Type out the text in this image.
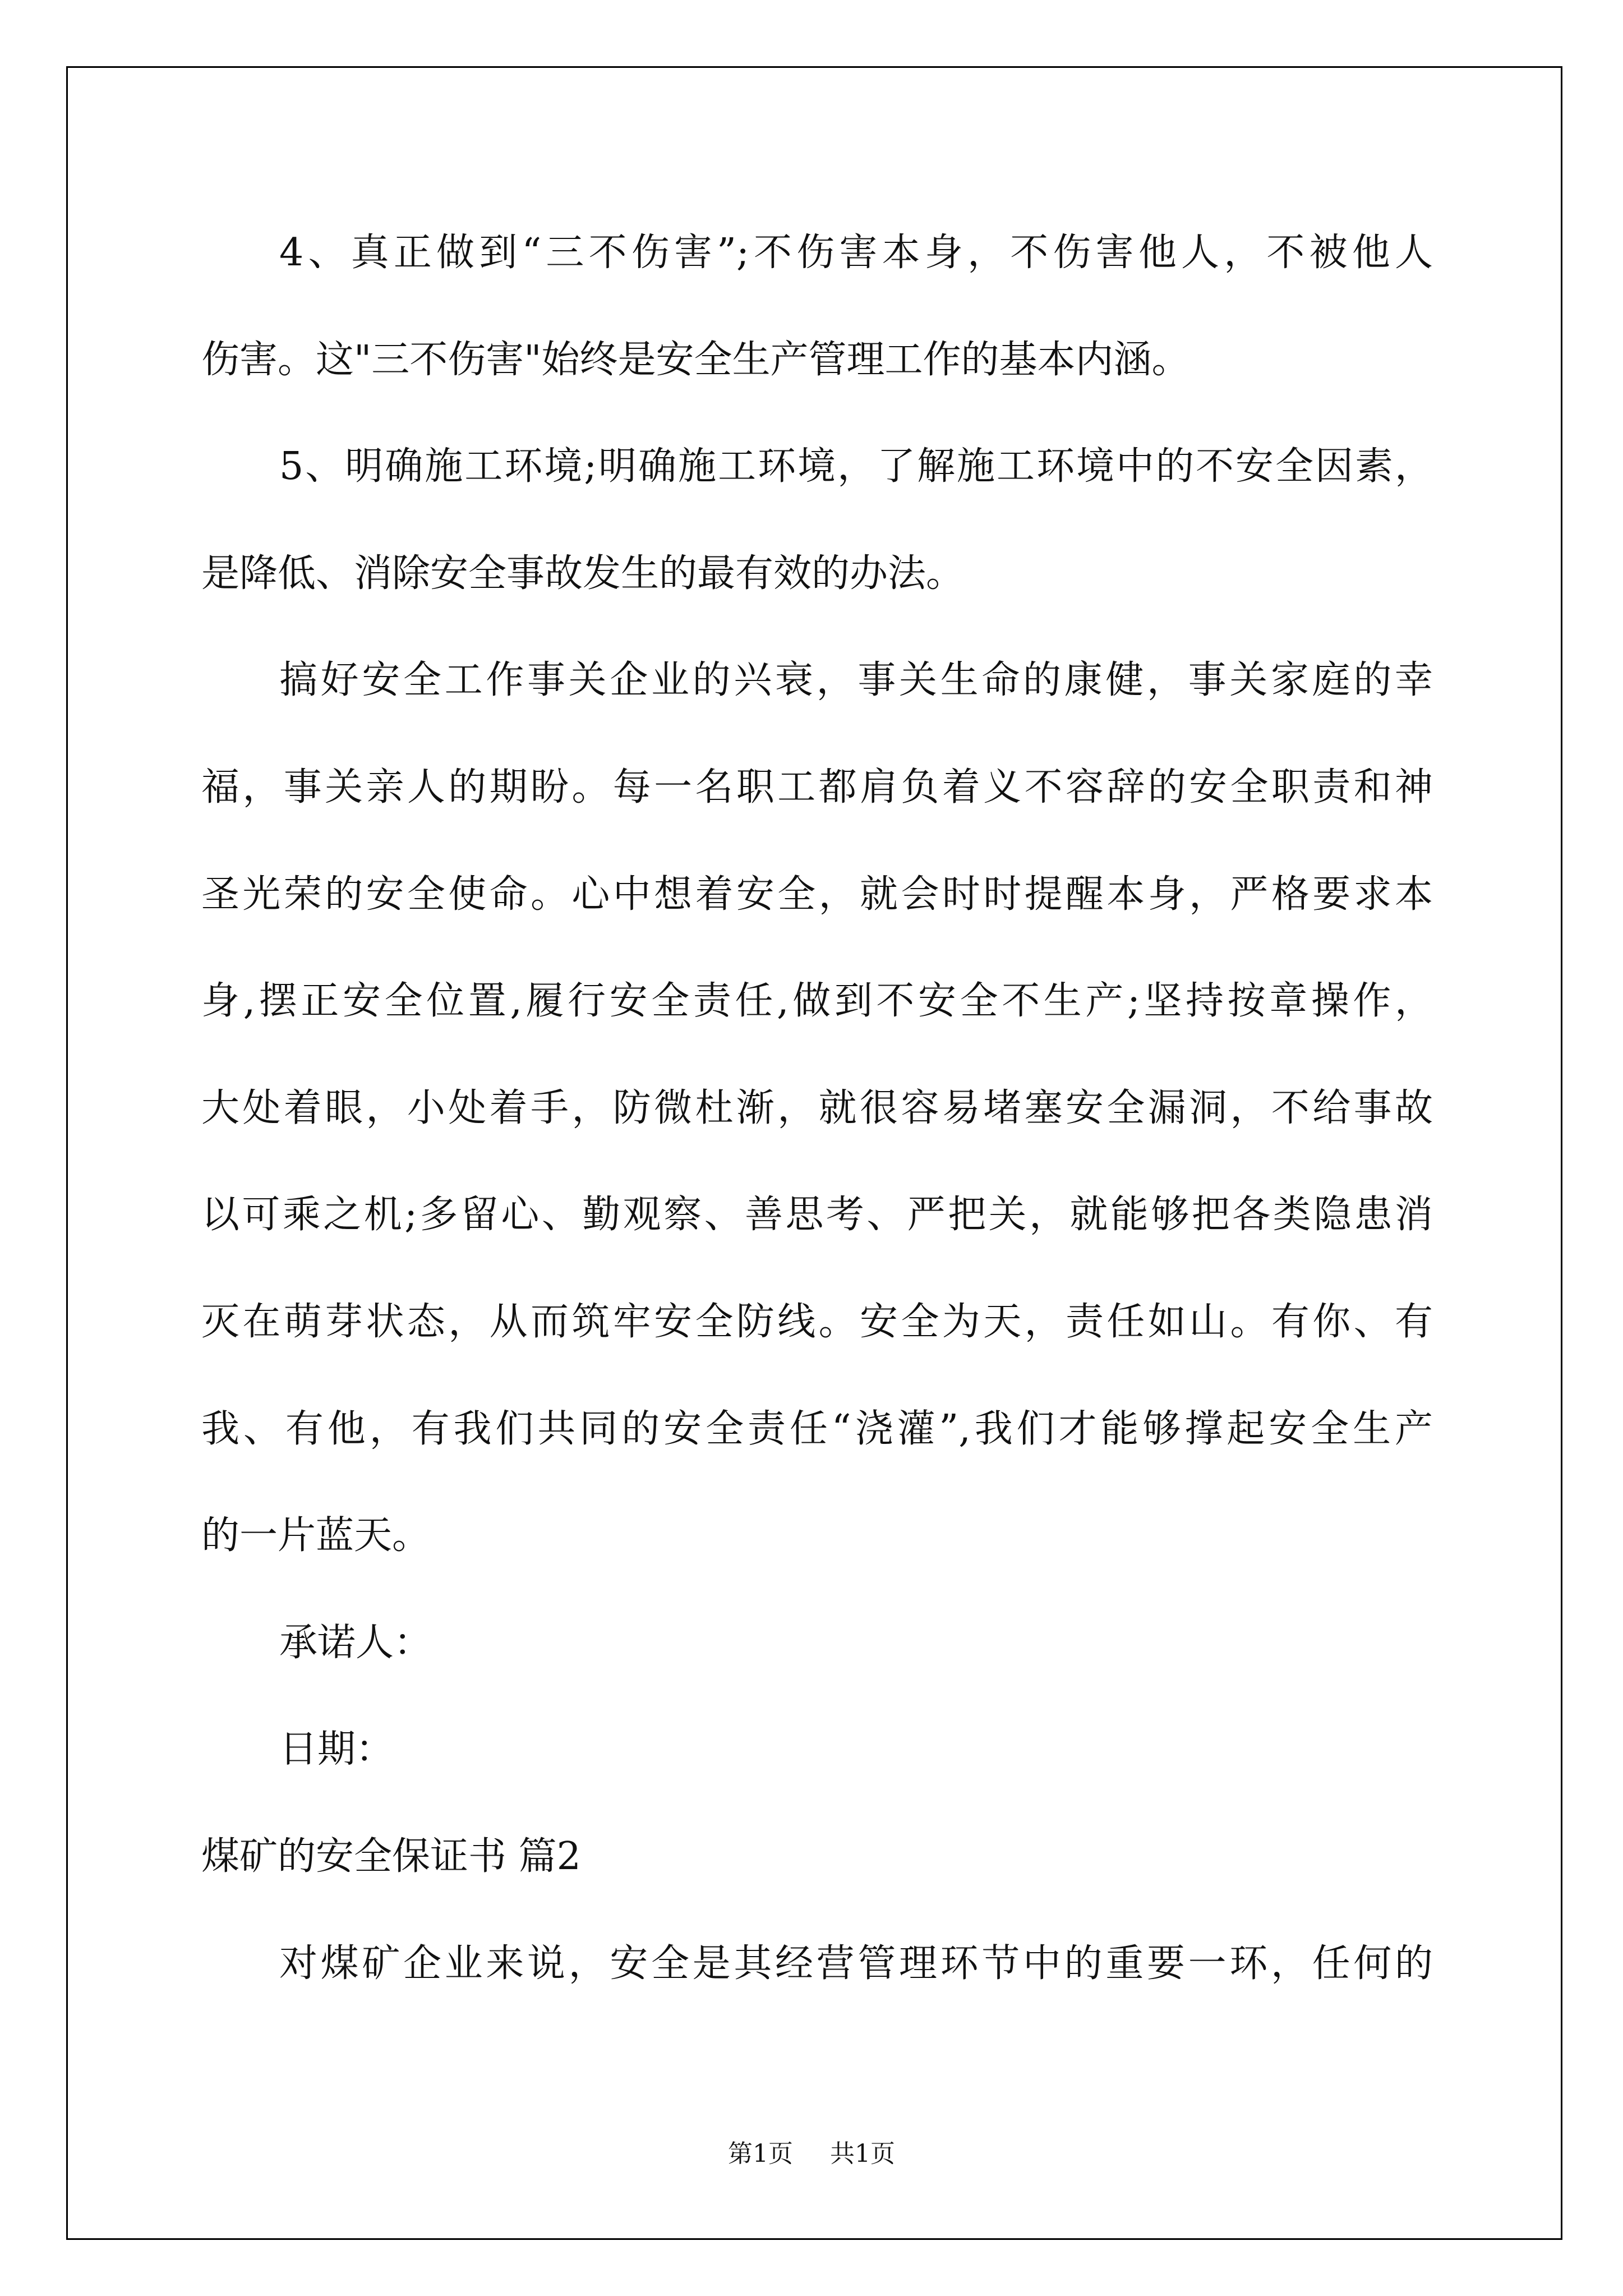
4、真正做到“三不伤害”;不伤害本身，不伤害他人，不被他人
伤害。这"三不伤害"始终是安全生产管理工作的基本内涵。
5、明确施工环境;明确施工环境，了解施工环境中的不安全因素，
是降低、消除安全事故发生的最有效的办法。
搞好安全工作事关企业的兴衰，事关生命的康健，事关家庭的幸
福，事关亲人的期盼。每一名职工都肩负着义不容辞的安全职责和神
圣光荣的安全使命。心中想着安全，就会时时提醒本身，严格要求本
身,摆正安全位置,履行安全责任,做到不安全不生产;坚持按章操作，
大处着眼，小处着手，防微杜渐，就很容易堵塞安全漏洞，不给事故
以可乘之机;多留心、勤观察、善思考、严把关，就能够把各类隐患消
灭在萌芽状态，从而筑牢安全防线。安全为天，责任如山。有你、有
我、有他，有我们共同的安全责任“浇灌”,我们才能够撑起安全生产
的一片蓝天。
承诺人：
日期：
煤矿的安全保证书 篇2
对煤矿企业来说，安全是其经营管理环节中的重要一环，任何的
第1页 共1页
